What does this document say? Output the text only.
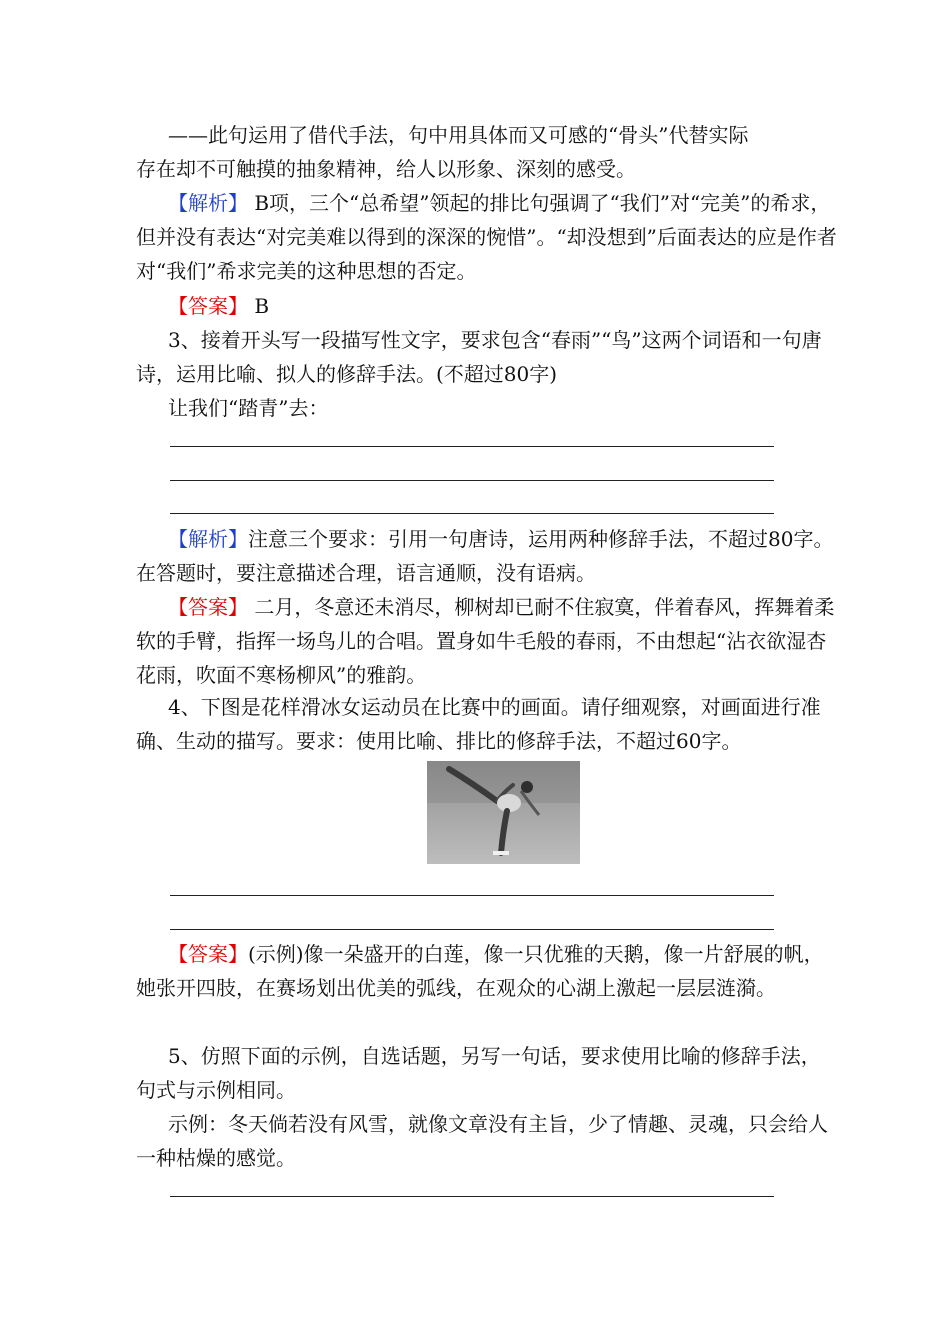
——此句运用了借代手法，句中用具体而又可感的“骨头”代替实际

存在却不可触摸的抽象精神，给人以形象、深刻的感受。

【解析】 B项，三个“总希望”领起的排比句强调了“我们”对“完美”的希求，但并没有表达“对完美难以得到的深深的惋惜”。“却没想到”后面表达的应是作者对“我们”希求完美的这种思想的否定。

【答案】 B

3、接着开头写一段描写性文字，要求包含“春雨”“鸟”这两个词语和一句唐诗，运用比喻、拟人的修辞手法。(不超过80字)

让我们“踏青”去：

【解析】注意三个要求：引用一句唐诗，运用两种修辞手法，不超过80字。在答题时，要注意描述合理，语言通顺，没有语病。

【答案】 二月，冬意还未消尽，柳树却已耐不住寂寞，伴着春风，挥舞着柔软的手臂，指挥一场鸟儿的合唱。置身如牛毛般的春雨，不由想起“沾衣欲湿杏花雨，吹面不寒杨柳风”的雅韵。

4、下图是花样滑冰女运动员在比赛中的画面。请仔细观察，对画面进行准确、生动的描写。要求：使用比喻、排比的修辞手法，不超过60字。

【答案】(示例)像一朵盛开的白莲，像一只优雅的天鹅，像一片舒展的帆，她张开四肢，在赛场划出优美的弧线，在观众的心湖上激起一层层涟漪。

5、仿照下面的示例，自选话题，另写一句话，要求使用比喻的修辞手法，句式与示例相同。

示例：冬天倘若没有风雪，就像文章没有主旨，少了情趣、灵魂，只会给人一种枯燥的感觉。
